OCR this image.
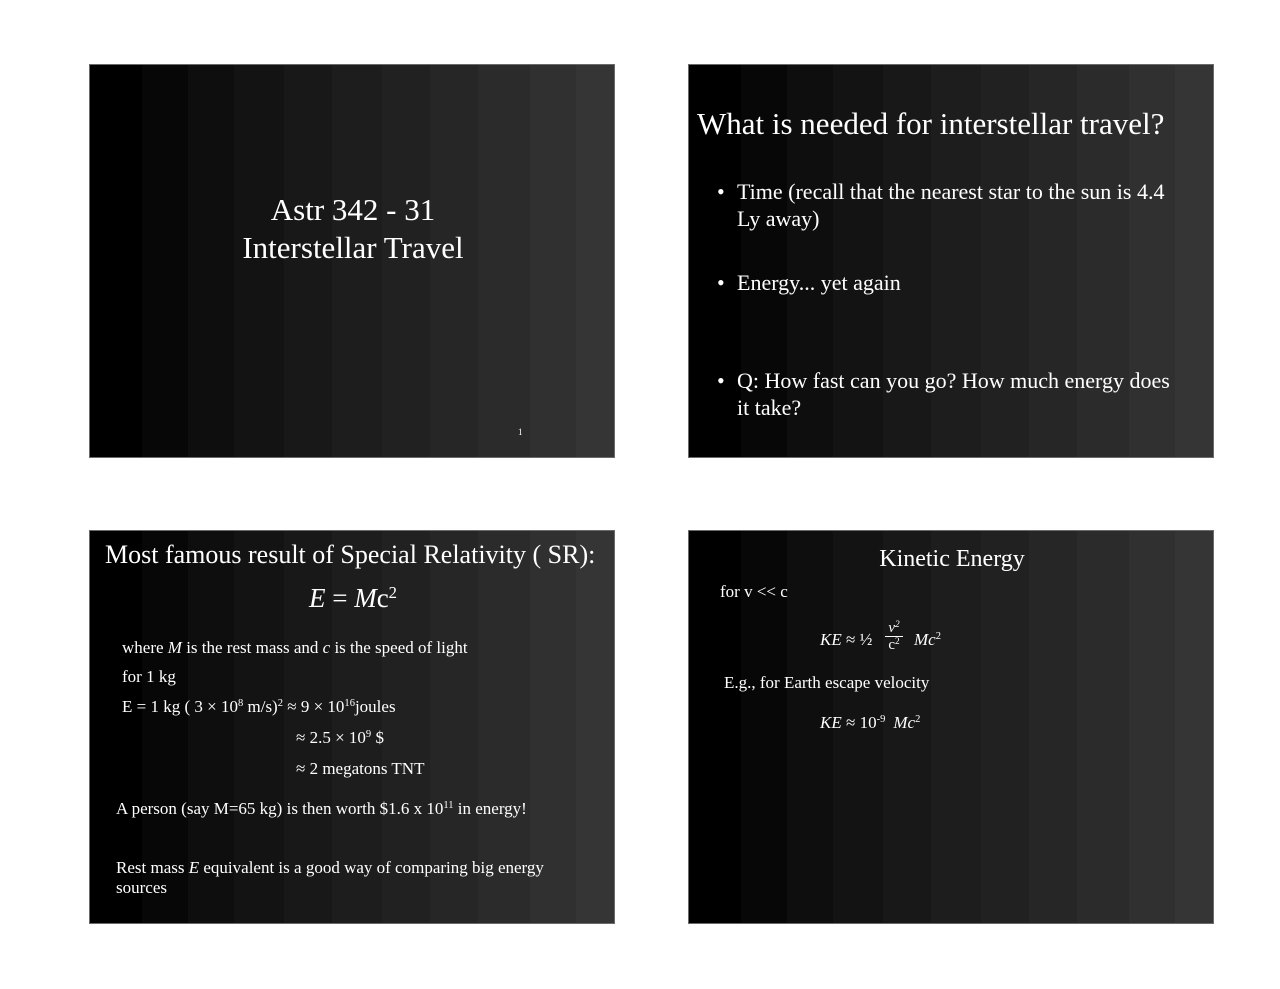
Astr 342 - 31
Interstellar Travel
1
What is needed for interstellar travel?
• Time (recall that the nearest star to the sun is 4.4 Ly away)
• Energy... yet again
• Q: How fast can you go? How much energy does it take?
Most famous result of Special Relativity ( SR):
$E = Mc^2$
where M is the rest mass and c is the speed of light
for 1 kg
E = 1 kg ( $3 \times 10^8$ $m/s)^2 \approx 9 \times 10^{16}joules$
≈ $2.5 \times 10^9$ $
≈ 2 megatons TNT
A person (say M=65 kg) is then worth $1.6 x $10^{11}$ in energy!
Rest mass E equivalent is a good way of comparing big energy
sources
Kinetic Energy
for v << c
KE ≈ ½
$v^2$
$c^2$ Mc$^2$
E.g., for Earth escape velocity
KE ≈ $10^{-9}$ Mc$^2$
